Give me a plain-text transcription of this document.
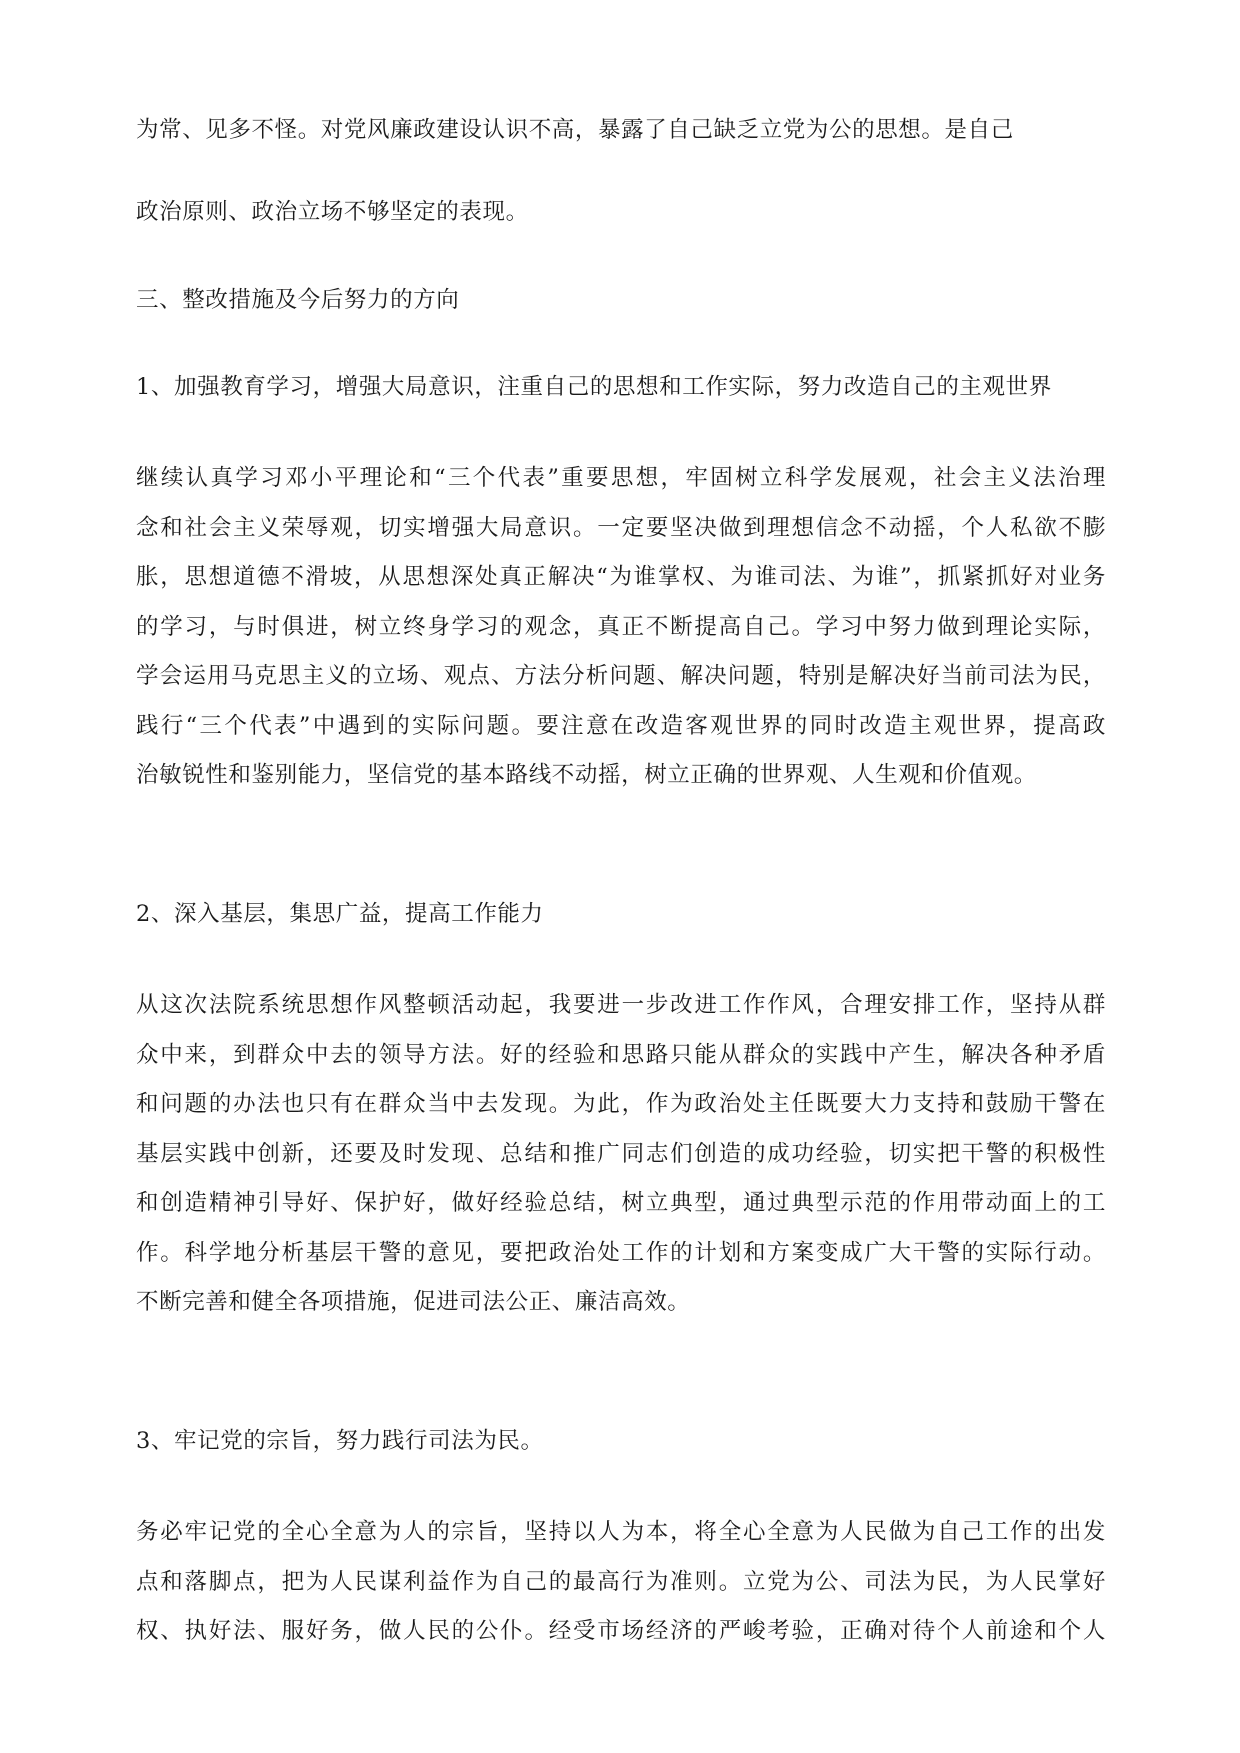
为常、见多不怪。对党风廉政建设认识不高，暴露了自己缺乏立党为公的思想。是自己
政治原则、政治立场不够坚定的表现。
三、整改措施及今后努力的方向
1、加强教育学习，增强大局意识，注重自己的思想和工作实际，努力改造自己的主观世界
继续认真学习邓小平理论和“三个代表”重要思想，牢固树立科学发展观，社会主义法治理
念和社会主义荣辱观，切实增强大局意识。一定要坚决做到理想信念不动摇，个人私欲不膨
胀，思想道德不滑坡，从思想深处真正解决“为谁掌权、为谁司法、为谁”，抓紧抓好对业务
的学习，与时俱进，树立终身学习的观念，真正不断提高自己。学习中努力做到理论实际，
学会运用马克思主义的立场、观点、方法分析问题、解决问题，特别是解决好当前司法为民，
践行“三个代表”中遇到的实际问题。要注意在改造客观世界的同时改造主观世界，提高政
治敏锐性和鉴别能力，坚信党的基本路线不动摇，树立正确的世界观、人生观和价值观。
2、深入基层，集思广益，提高工作能力
从这次法院系统思想作风整顿活动起，我要进一步改进工作作风，合理安排工作，坚持从群
众中来，到群众中去的领导方法。好的经验和思路只能从群众的实践中产生，解决各种矛盾
和问题的办法也只有在群众当中去发现。为此，作为政治处主任既要大力支持和鼓励干警在
基层实践中创新，还要及时发现、总结和推广同志们创造的成功经验，切实把干警的积极性
和创造精神引导好、保护好，做好经验总结，树立典型，通过典型示范的作用带动面上的工
作。科学地分析基层干警的意见，要把政治处工作的计划和方案变成广大干警的实际行动。
不断完善和健全各项措施，促进司法公正、廉洁高效。
3、牢记党的宗旨，努力践行司法为民。
务必牢记党的全心全意为人的宗旨，坚持以人为本，将全心全意为人民做为自己工作的出发
点和落脚点，把为人民谋利益作为自己的最高行为准则。立党为公、司法为民，为人民掌好
权、执好法、服好务，做人民的公仆。经受市场经济的严峻考验，正确对待个人前途和个人
